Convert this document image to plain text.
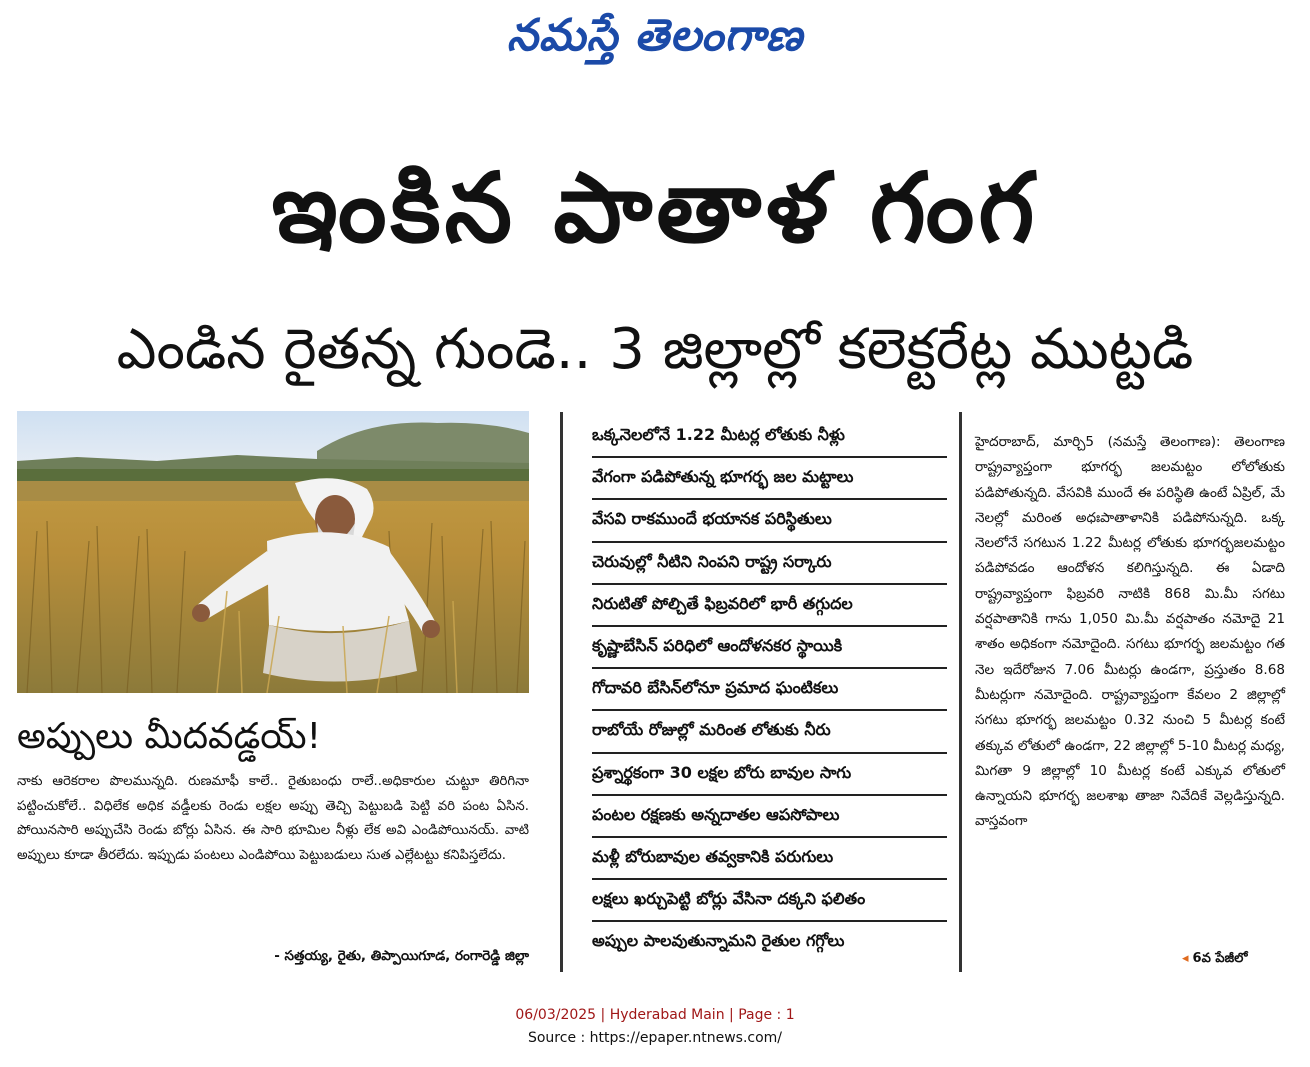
నమస్తే తెలంగాణ
ఇంకిన పాతాళ గంగ
ఎండిన రైతన్న గుండె.. 3 జిల్లాల్లో కలెక్టరేట్ల ముట్టడి
అప్పులు మీదవడ్డయ్‌!

నాకు ఆరెకరాల పొలమున్నది. రుణమాఫీ కాలే.. రైతుబంధు రాలే..అధికారుల చుట్టూ తిరిగినా పట్టించుకోలే.. విధిలేక అధిక వడ్డీలకు రెండు లక్షల అప్పు తెచ్చి పెట్టుబడి పెట్టి వరి పంట ఏసిన. పోయినసారి అప్పుచేసి రెండు బోర్లు ఏసిన. ఈ సారి భూమిల నీళ్లు లేక అవి ఎండిపోయినయ్‌. వాటి అప్పులు కూడా తీరలేదు. ఇప్పుడు పంటలు ఎండిపోయి పెట్టుబడులు సుత ఎల్లేటట్టు కనిపిస్తలేదు.

- సత్తయ్య, రైతు, తిప్పాయిగూడ, రంగారెడ్డి జిల్లా
ఒక్కనెలలోనే 1.22 మీటర్ల లోతుకు నీళ్లు
వేగంగా పడిపోతున్న భూగర్భ జల మట్టాలు
వేసవి రాకముందే భయానక పరిస్థితులు
చెరువుల్లో నీటిని నింపని రాష్ట్ర సర్కారు
నిరుటితో పోల్చితే ఫిబ్రవరిలో భారీ తగ్గుదల
కృష్ణాబేసిన్‌ పరిధిలో ఆందోళనకర స్థాయికి
గోదావరి బేసిన్‌లోనూ ప్రమాద ఘంటికలు
రాబోయే రోజుల్లో మరింత లోతుకు నీరు
ప్రశ్నార్థకంగా 30 లక్షల బోరు బావుల సాగు
పంటల రక్షణకు అన్నదాతల ఆపసోపాలు
మళ్లీ బోరుబావుల తవ్వకానికి పరుగులు
లక్షలు ఖర్చుపెట్టి బోర్లు వేసినా దక్కని ఫలితం
అప్పుల పాలవుతున్నామని రైతుల గగ్గోలు

హైదరాబాద్‌, మార్చి5 (నమస్తే తెలంగాణ): తెలంగాణ రాష్ట్రవ్యాప్తంగా భూగర్భ జలమట్టం లోలోతుకు పడిపోతున్నది. వేసవికి ముందే ఈ పరిస్థితి ఉంటే ఏప్రిల్‌, మే నెలల్లో మరింత అధఃపాతాళానికి పడిపోనున్నది. ఒక్క నెలలోనే సగటున 1.22 మీటర్ల లోతుకు భూగర్భజలమట్టం పడిపోవడం ఆందోళన కలిగిస్తున్నది. ఈ ఏడాది రాష్ట్రవ్యాప్తంగా ఫిబ్రవరి నాటికి 868 మి.మీ సగటు వర్షపాతానికి గాను 1,050 మి.మీ వర్షపాతం నమోదై 21 శాతం అధికంగా నమోదైంది. సగటు భూగర్భ జలమట్టం గత నెల ఇదేరోజున 7.06 మీటర్లు ఉండగా, ప్రస్తుతం 8.68 మీటర్లుగా నమోదైంది. రాష్ట్రవ్యాప్తంగా కేవలం 2 జిల్లాల్లో సగటు భూగర్భ జలమట్టం 0.32 నుంచి 5 మీటర్ల కంటే తక్కువ లోతులో ఉండగా, 22 జిల్లాల్లో 5-10 మీటర్ల మధ్య, మిగతా 9 జిల్లాల్లో 10 మీటర్ల కంటే ఎక్కువ లోతులో ఉన్నాయని భూగర్భ జలశాఖ తాజా నివేదికే వెల్లడిస్తున్నది. వాస్తవంగా

◂ 6వ పేజీలో
06/03/2025 | Hyderabad Main | Page : 1
Source : https://epaper.ntnews.com/
